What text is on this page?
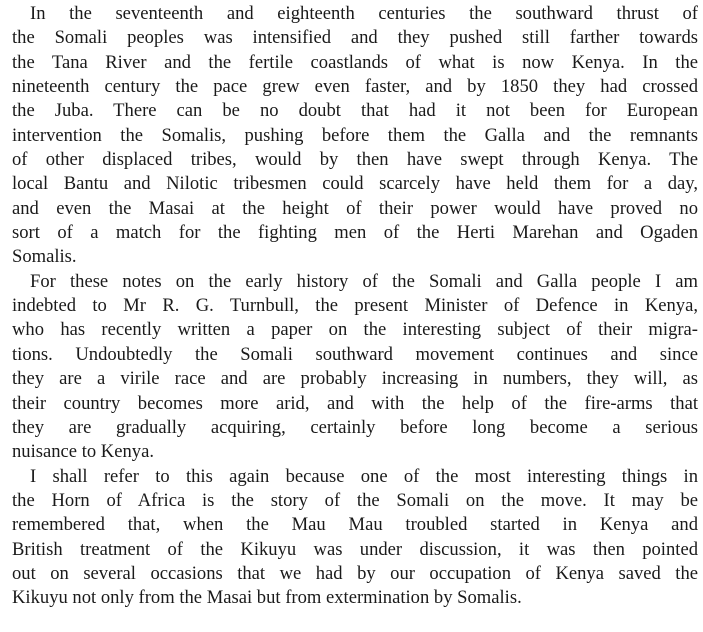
In the seventeenth and eighteenth centuries the southward thrust of
the Somali peoples was intensified and they pushed still farther towards
the Tana River and the fertile coastlands of what is now Kenya. In the
nineteenth century the pace grew even faster, and by 1850 they had crossed
the Juba. There can be no doubt that had it not been for European
intervention the Somalis, pushing before them the Galla and the remnants
of other displaced tribes, would by then have swept through Kenya. The
local Bantu and Nilotic tribesmen could scarcely have held them for a day,
and even the Masai at the height of their power would have proved no
sort of a match for the fighting men of the Herti Marehan and Ogaden
Somalis.
For these notes on the early history of the Somali and Galla people I am
indebted to Mr R. G. Turnbull, the present Minister of Defence in Kenya,
who has recently written a paper on the interesting subject of their migra-
tions. Undoubtedly the Somali southward movement continues and since
they are a virile race and are probably increasing in numbers, they will, as
their country becomes more arid, and with the help of the fire-arms that
they are gradually acquiring, certainly before long become a serious
nuisance to Kenya.
I shall refer to this again because one of the most interesting things in
the Horn of Africa is the story of the Somali on the move. It may be
remembered that, when the Mau Mau troubled started in Kenya and
British treatment of the Kikuyu was under discussion, it was then pointed
out on several occasions that we had by our occupation of Kenya saved the
Kikuyu not only from the Masai but from extermination by Somalis.
